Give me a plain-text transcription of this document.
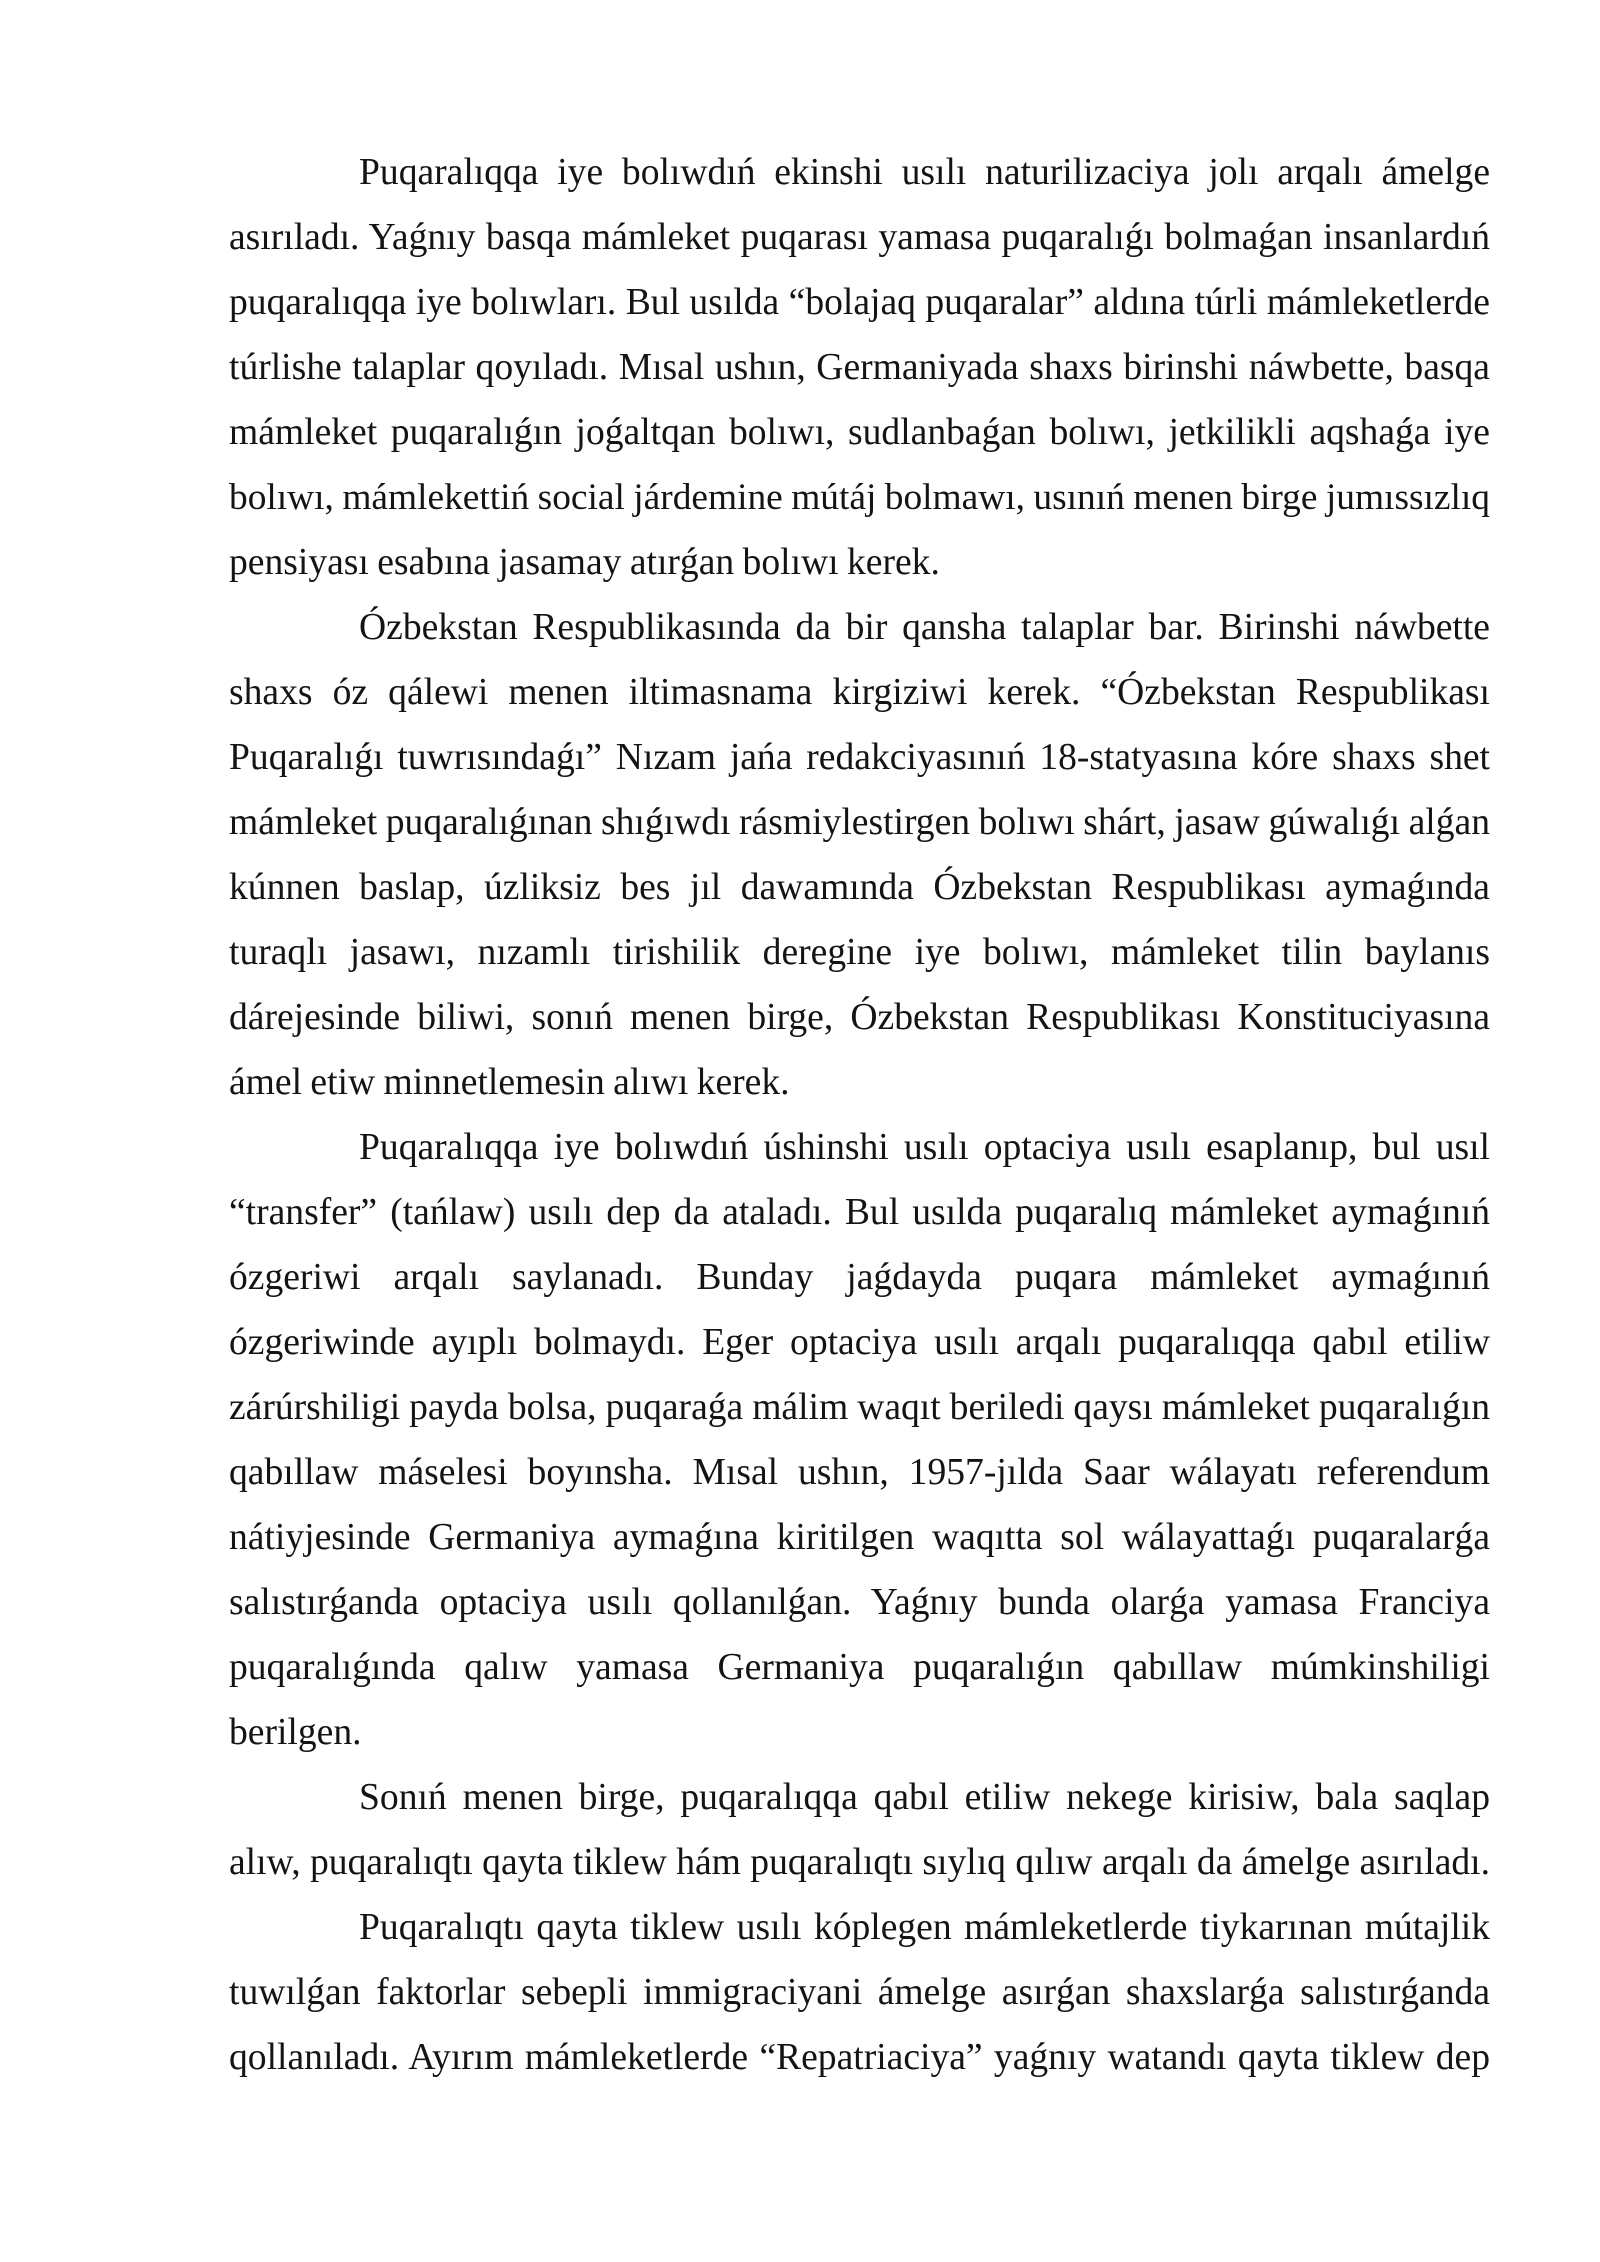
Puqaralıqqa iye bolıwdıń ekinshi usılı naturilizaciya jolı arqalı ámelge
asırıladı. Yaǵnıy basqa mámleket puqarası yamasa puqaralıǵı bolmaǵan insanlardıń
puqaralıqqa iye bolıwları. Bul usılda “bolajaq puqaralar” aldına túrli mámleketlerde
túrlishe talaplar qoyıladı. Mısal ushın, Germaniyada shaxs birinshi náwbette, basqa
mámleket puqaralıǵın joǵaltqan bolıwı, sudlanbaǵan bolıwı, jetkilikli aqshaǵa iye
bolıwı, mámlekettiń social járdemine mútáj bolmawı, usınıń menen birge jumıssızlıq
pensiyası esabına jasamay atırǵan bolıwı kerek.
Ózbekstan Respublikasında da bir qansha talaplar bar. Birinshi náwbette
shaxs óz qálewi menen iltimasnama kirgiziwi kerek. “Ózbekstan Respublikası
Puqaralıǵı tuwrısındaǵı” Nızam jańa redakciyasınıń 18-statyasına kóre shaxs shet
mámleket puqaralıǵınan shıǵıwdı rásmiylestirgen bolıwı shárt, jasaw gúwalıǵı alǵan
kúnnen baslap, úzliksiz bes jıl dawamında Ózbekstan Respublikası aymaǵında
turaqlı jasawı, nızamlı tirishilik deregine iye bolıwı, mámleket tilin baylanıs
dárejesinde biliwi, sonıń menen birge, Ózbekstan Respublikası Konstituciyasına
ámel etiw minnetlemesin alıwı kerek.
Puqaralıqqa iye bolıwdıń úshinshi usılı optaciya usılı esaplanıp, bul usıl
“transfer” (tańlaw) usılı dep da ataladı. Bul usılda puqaralıq mámleket aymaǵınıń
ózgeriwi arqalı saylanadı. Bunday jaǵdayda puqara mámleket aymaǵınıń
ózgeriwinde ayıplı bolmaydı. Eger optaciya usılı arqalı puqaralıqqa qabıl etiliw
zárúrshiligi payda bolsa, puqaraǵa málim waqıt beriledi qaysı mámleket puqaralıǵın
qabıllaw máselesi boyınsha. Mısal ushın, 1957-jılda Saar wálayatı referendum
nátiyjesinde Germaniya aymaǵına kiritilgen waqıtta sol wálayattaǵı puqaralarǵa
salıstırǵanda optaciya usılı qollanılǵan. Yaǵnıy bunda olarǵa yamasa Franciya
puqaralıǵında qalıw yamasa Germaniya puqaralıǵın qabıllaw múmkinshiligi
berilgen.
Sonıń menen birge, puqaralıqqa qabıl etiliw nekege kirisiw, bala saqlap
alıw, puqaralıqtı qayta tiklew hám puqaralıqtı sıylıq qılıw arqalı da ámelge asırıladı.
Puqaralıqtı qayta tiklew usılı kóplegen mámleketlerde tiykarınan mútajlik
tuwılǵan faktorlar sebepli immigraciyani ámelge asırǵan shaxslarǵa salıstırǵanda
qollanıladı. Ayırım mámleketlerde “Repatriaciya” yaǵnıy watandı qayta tiklew dep
